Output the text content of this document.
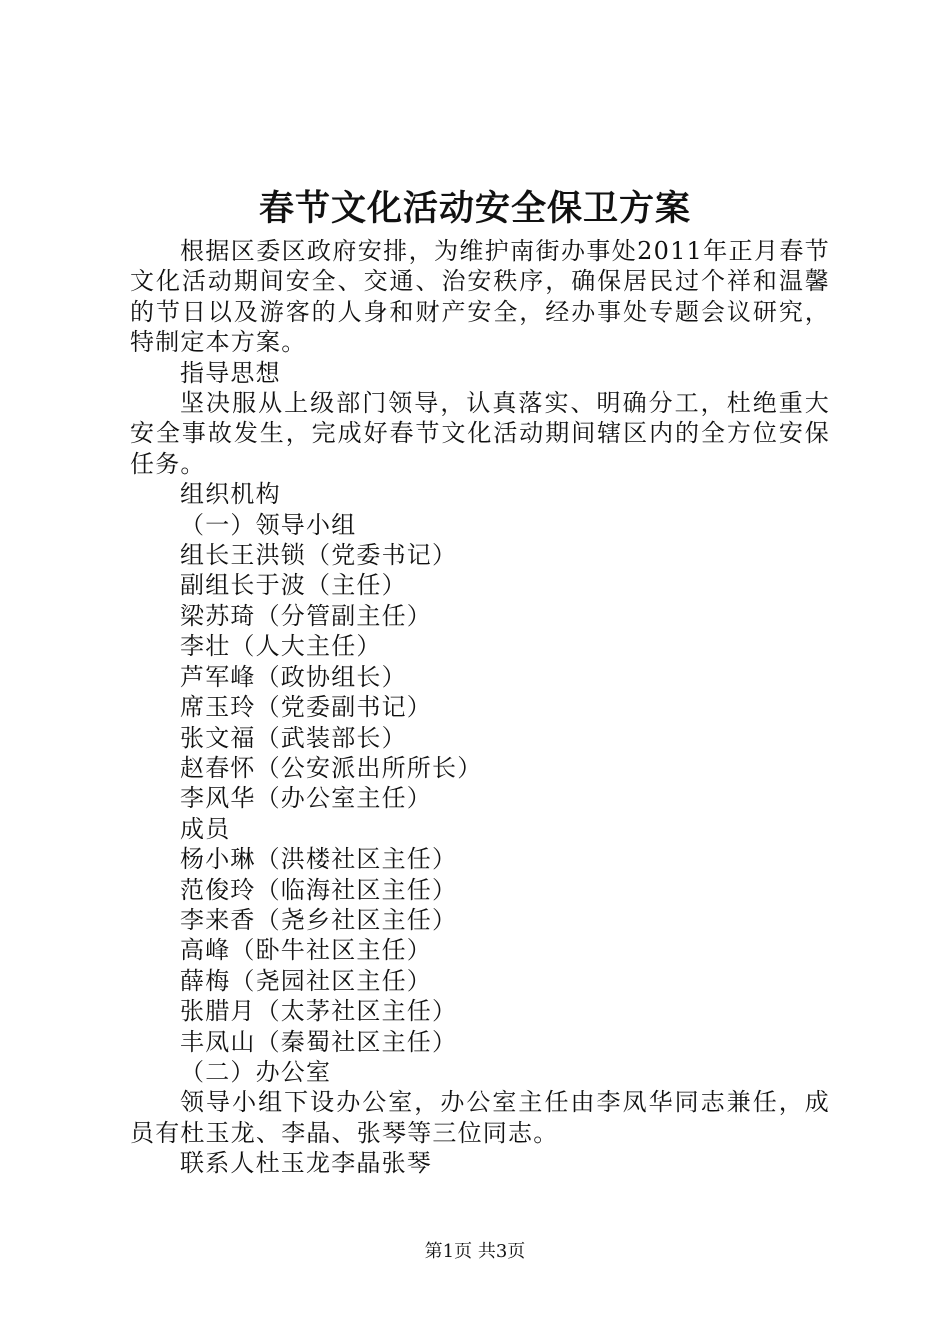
春节文化活动安全保卫方案

根据区委区政府安排，为维护南街办事处2011年正月春节文化活动期间安全、交通、治安秩序，确保居民过个祥和温馨的节日以及游客的人身和财产安全，经办事处专题会议研究，特制定本方案。

指导思想

坚决服从上级部门领导，认真落实、明确分工，杜绝重大安全事故发生，完成好春节文化活动期间辖区内的全方位安保任务。

组织机构

（一）领导小组

组长王洪锁（党委书记）

副组长于波（主任）

梁苏琦（分管副主任）

李壮（人大主任）

芦军峰（政协组长）

席玉玲（党委副书记）

张文福（武装部长）

赵春怀（公安派出所所长）

李风华（办公室主任）

成员

杨小琳（洪楼社区主任）

范俊玲（临海社区主任）

李来香（尧乡社区主任）

高峰（卧牛社区主任）

薛梅（尧园社区主任）

张腊月（太茅社区主任）

丰凤山（秦蜀社区主任）

（二）办公室

领导小组下设办公室，办公室主任由李凤华同志兼任，成员有杜玉龙、李晶、张琴等三位同志。

联系人杜玉龙李晶张琴

第1页 共3页
